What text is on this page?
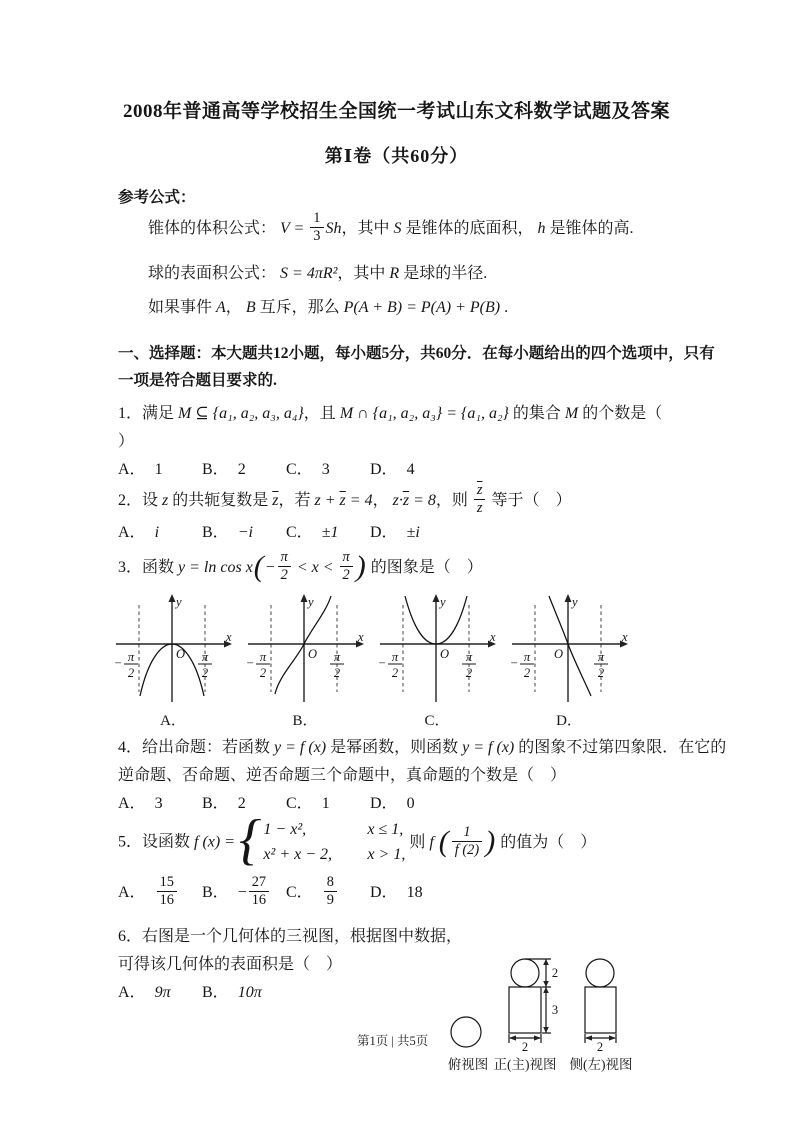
2008年普通高等学校招生全国统一考试山东文科数学试题及答案
第Ⅰ卷（共60分）
参考公式：
锥体的体积公式： $V = \frac{1}{3}$ Sh，其中 S 是锥体的底面积， h 是锥体的高.
球的表面积公式： S = 4πR²，其中 R 是球的半径.
如果事件 A， B 互斥，那么 P(A + B) = P(A) + P(B) .
一、选择题：本大题共12小题，每小题5分，共60分．在每小题给出的四个选项中，只有
一项是符合题目要求的.
1．满足 M ⊆ {a₁, a₂, a₃, a₄}，且 M ∩ {a₁, a₂, a₃} = {a₁, a₂} 的集合 M 的个数是（
）
A． 1 B． 2	C． 3	D． 4
2．设 z 的共轭复数是 $\overline{z}$，若 $z + \overline{z} = 4$， $z\cdot\overline{z} = 8$，则 $\frac{\overline{z}}{z}$ 等于（　）
A． i	B． −i C． ±1 D． ±i
3．函数 $y = \ln \cos x(- \frac{\pi}{2} < x < \frac{\pi}{2}$ ) 的图象是（　）
y
x
O
− π
2
π
2
A．
y
x
O
− π
2
π
2
B．
y
x
O
− π
2
π
2
C．
y
x
O
− π
2
π
2
D．
4．给出命题：若函数 y = f (x) 是幂函数，则函数 y = f (x) 的图象不过第四象限．在它的
逆命题、否命题、逆否命题三个命题中，真命题的个数是（　）
A． 3 B． 2	C． 1	D． 0
5．设函数 f (x) = { 1 − x²,	x ≤ 1,
x² + x − 2, x > 1,
则 f ( $\frac{1}{f (2)}$ ) 的值为（　）
A． $\frac{15}{16}$ B． − $\frac{27}{16}$ C． $\frac{8}{9}$ D． 18
6．右图是一个几何体的三视图，根据图中数据，
可得该几何体的表面积是（　）
A． 9π B． 10π
2
3
2	2
俯视图 正(主)视图 侧(左)视图
第1页 | 共5页
